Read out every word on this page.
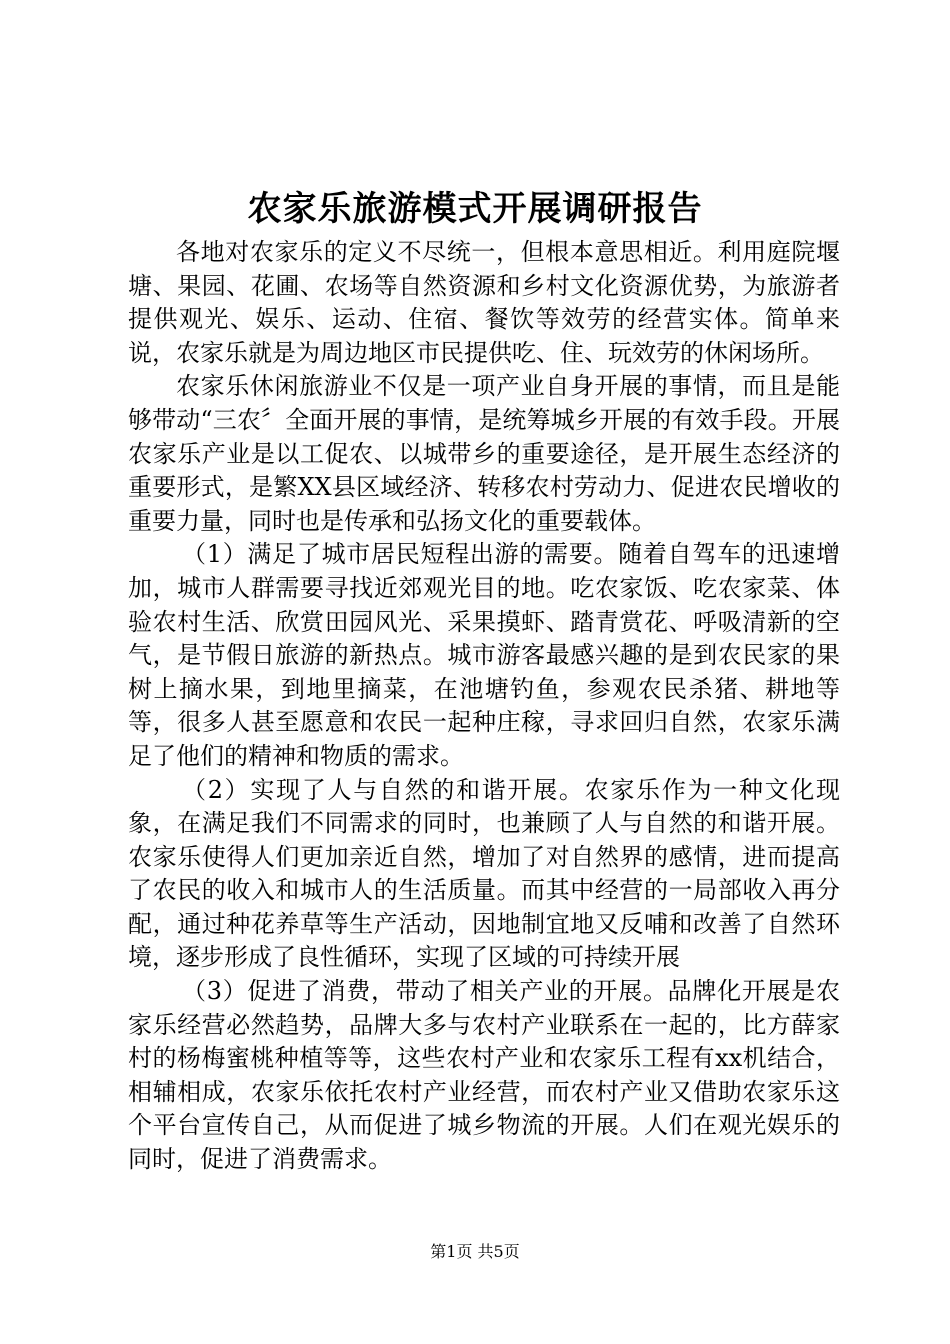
农家乐旅游模式开展调研报告

各地对农家乐的定义不尽统一，但根本意思相近。利用庭院堰塘、果园、花圃、农场等自然资源和乡村文化资源优势，为旅游者提供观光、娱乐、运动、住宿、餐饮等效劳的经营实体。简单来说，农家乐就是为周边地区市民提供吃、住、玩效劳的休闲场所。

农家乐休闲旅游业不仅是一项产业自身开展的事情，而且是能够带动“三农〞全面开展的事情，是统筹城乡开展的有效手段。开展农家乐产业是以工促农、以城带乡的重要途径，是开展生态经济的重要形式，是繁XX县区域经济、转移农村劳动力、促进农民增收的重要力量，同时也是传承和弘扬文化的重要载体。

（1）满足了城市居民短程出游的需要。随着自驾车的迅速增加，城市人群需要寻找近郊观光目的地。吃农家饭、吃农家菜、体验农村生活、欣赏田园风光、采果摸虾、踏青赏花、呼吸清新的空气，是节假日旅游的新热点。城市游客最感兴趣的是到农民家的果树上摘水果，到地里摘菜，在池塘钓鱼，参观农民杀猪、耕地等等，很多人甚至愿意和农民一起种庄稼，寻求回归自然，农家乐满足了他们的精神和物质的需求。

（2）实现了人与自然的和谐开展。农家乐作为一种文化现象，在满足我们不同需求的同时，也兼顾了人与自然的和谐开展。农家乐使得人们更加亲近自然，增加了对自然界的感情，进而提高了农民的收入和城市人的生活质量。而其中经营的一局部收入再分配，通过种花养草等生产活动，因地制宜地又反哺和改善了自然环境，逐步形成了良性循环，实现了区域的可持续开展

（3）促进了消费，带动了相关产业的开展。品牌化开展是农家乐经营必然趋势，品牌大多与农村产业联系在一起的，比方薛家村的杨梅蜜桃种植等等，这些农村产业和农家乐工程有xx机结合，相辅相成，农家乐依托农村产业经营，而农村产业又借助农家乐这个平台宣传自己，从而促进了城乡物流的开展。人们在观光娱乐的同时，促进了消费需求。

第1页 共5页
